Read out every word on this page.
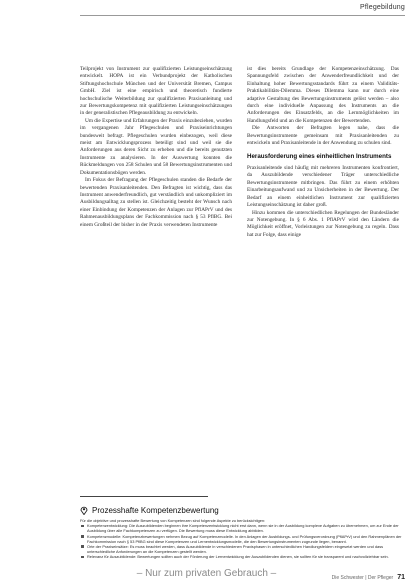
Pflegebildung

Teilprojekt von Instrument zur qualifizierten Leistungseinschätzung entwickelt. HOPA ist ein Verbundprojekt der Katholischen Stiftungshochschule München und der Universität Bremen, Campus GmbH. Ziel ist eine empirisch und theoretisch fundierte hochschulische Weiterbildung zur qualifizierten Praxisanleitung und zur Bewertungskompetenz mit qualifizierten Leistungseinschätzungen in der generalistischen Pflegeausbildung zu entwickeln.

Um die Expertise und Erfahrungen der Praxis einzubeziehen, wurden im vergangenen Jahr Pflegeschulen und Praxiseinrichtungen bundesweit befragt. Pflegeschulen wurden einbezogen, weil diese meist am Entwicklungsprozess beteiligt sind und weil sie die Anforderungen aus deren Sicht zu erheben und die bereits genutzten Instrumente zu analysieren. In der Auswertung konnten die Rückmeldungen von 258 Schulen und 58 Bewertungsinstrumenten und Dokumentationsbögen werden.

Im Fokus der Befragung der Pflegeschulen standen die Bedarfe der bewertenden Praxisanleitenden. Den Befragten ist wichtig, dass das Instrument anwenderfreundlich, gut verständlich und unkompliziert im Ausbildungsalltag zu stellen ist. Gleichzeitig besteht der Wunsch nach einer Einbindung der Kompetenzen der Anlagen zur PflAPrV und des Rahmenausbildungsplans der Fachkommission nach § 53 PflBG. Bei einem Großteil der bisher in der Praxis verwendeten Instrumente

ist dies bereits Grundlage der Kompetenzeinschätzung. Das Spannungsfeld zwischen der Anwenderfreundlichkeit und der Einhaltung hoher Bewertungsstandards führt zu einem Validitäts-Praktikabilitäts-Dilemma. Dieses Dilemma kann nur durch eine adaptive Gestaltung des Bewertungsinstruments gelöst werden – also durch eine individuelle Anpassung des Instruments an die Anforderungen des Einsatzfelds, an die Lernmöglichkeiten im Handlungsfeld und an die Kompetenzen der Bewertenden.

Die Antworten der Befragten legen nahe, dass die Bewertungsinstrumente gemeinsam mit Praxisanleitenden zu entwickeln und Praxisanleitende in der Anwendung zu schulen sind.

Herausforderung eines einheitlichen Instruments

Praxisanleitende sind häufig mit mehreren Instrumenten konfrontiert, da Auszubildende verschiedener Träger unterschiedliche Bewertungsinstrumente mitbringen. Das führt zu einem erhöhten Einarbeitungsaufwand und zu Unsicherheiten in der Bewertung. Der Bedarf an einem einheitlichen Instrument zur qualifizierten Leistungseinschätzung ist daher groß.

Hinzu kommen die unterschiedlichen Regelungen der Bundesländer zur Notengebung. In § 6 Abs. 1 PflAPrV wird den Ländern die Möglichkeit eröffnet, Vorleistungen zur Notengebung zu regeln. Dass hat zur Folge, dass einige

Prozesshafte Kompetenzbewertung

Für die objektive und prozesshafte Bewertung von Kompetenzen sind folgende Aspekte zu berücksichtigen:

Kompetenzentwicklung: Die Auszubildenden beginnen ihre Kompetenzentwicklung nicht erst dann, wenn sie in der Ausbildung komplexe Aufgaben zu übernehmen, um zur Ende der Ausbildung über alle Fachkompetenzen zu verfügen. Die Bewertung muss diese Entwicklung abbilden.
Kompetenzmodelle: Kompetenzbewertungen nehmen Bezug auf Kompetenzmodelle. In den Anlagen der Ausbildungs- und Prüfungsverordnung (PflAPrV) und den Rahmenplänen der Fachkommission nach § 53 PflBG sind diese Kompetenzen und Lernentwicklungsmodelle, die den Bewertungsinstrumenten zugrunde liegen, benannt.
Orte der Praxiseinsätze: Es muss beachtet werden, dass Auszubildende in verschiedenen Praxisphasen in unterschiedlichen Handlungsfeldern eingesetzt werden und dass unterschiedliche Anforderungen an die Kompetenzen gestellt werden.
Relevanz für Auszubildende: Bewertungen sollten auch der Förderung der Lernentwicklung der Auszubildenden dienen, sie sollten für sie transparent und nachvollziehbar sein.
– Nur zum privaten Gebrauch –	Die Schwester | Der Pfleger 71
